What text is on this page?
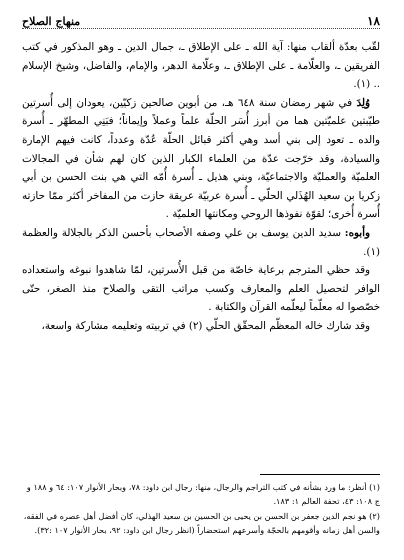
منهاج الصلاح	١٨

لقّب بعدّة ألقاب منها: آية الله ـ على الإطلاق ـ، جمال الدين ـ وهو المذكور في كتب الفريقين ـ، والعلّامة ـ على الإطلاق ـ، وعلّامة الدهر، والإمام، والفاضل، وشيخ الإسلام .. (١).

وُلِدَ في شهر رمضان سنة ٦٤٨ هـ، من أبوين صالحين زكيّين، يعودان إلى أُسرتين طيّبتين علميّتين هما من أبرز أُسَر الحلّة علماً وعملاً وإيماناً؛ فبَنِي المطهّر ـ أُسرة والده ـ تعود إلى بني أسد وهي أكثر قبائل الحلّة عُدّة وعدداً، كانت فيهم الإمارة والسيادة، وقد خرّجت عدّة من العلماء الكبار الذين كان لهم شأن في المجالات العلميّة والعمليّة والاجتماعيّة، وبني هذيل ـ أُسرة أُمّه التي هي بنت الحسن بن أبي زكريا بن سعيد الهُذَلي الحلّي ـ أُسرة عربيّة عريقة حازت من المفاخر أكثر ممّا حازته أُسرة أُخرى؛ لقوّة نفوذها الروحي ومكانتها العلميّة .

وأبوه: سديد الدين يوسف بن علي وصفه الأصحاب بأحسن الذكر بالجلالة والعظمة (١).

وقد حظي المترجم برعاية خاصّة من قبل الأُسرتين، لمّا شاهدوا نبوغه واستعداده الوافر لتحصيل العلم والمعارف وكسب مراتب التقى والصلاح منذ الصغر، حتّى خصّصوا له معلّماً ليعلّمه القرآن والكتابة .

وقد شارك خاله المعظّم المحقّق الحلّي (٢) في تربيته وتعليمه مشاركة واسعة،

(١) أنظر: ما ورد بشأنه في كتب التراجم والرجال، منها: رجال ابن داود: ٧٨، وبحار الأنوار ١٠٧: ٦٤ و ١٨٨ و ج ١٠٨: ٤٣، تحفة العالم ١: ١٨٣.

(٢) هو نجم الدين جعفر بن الحسن بن يحيى بن الحسين بن سعيد الهذلي، كان أفضل أهل عصره في الفقه، والسن أهل زمانه وأقومهم بالحجّة وأسرعهم استحضاراً (انظر رجال ابن داود: ٩٢، بحار الأنوار ١٠٧ :٣٢).
